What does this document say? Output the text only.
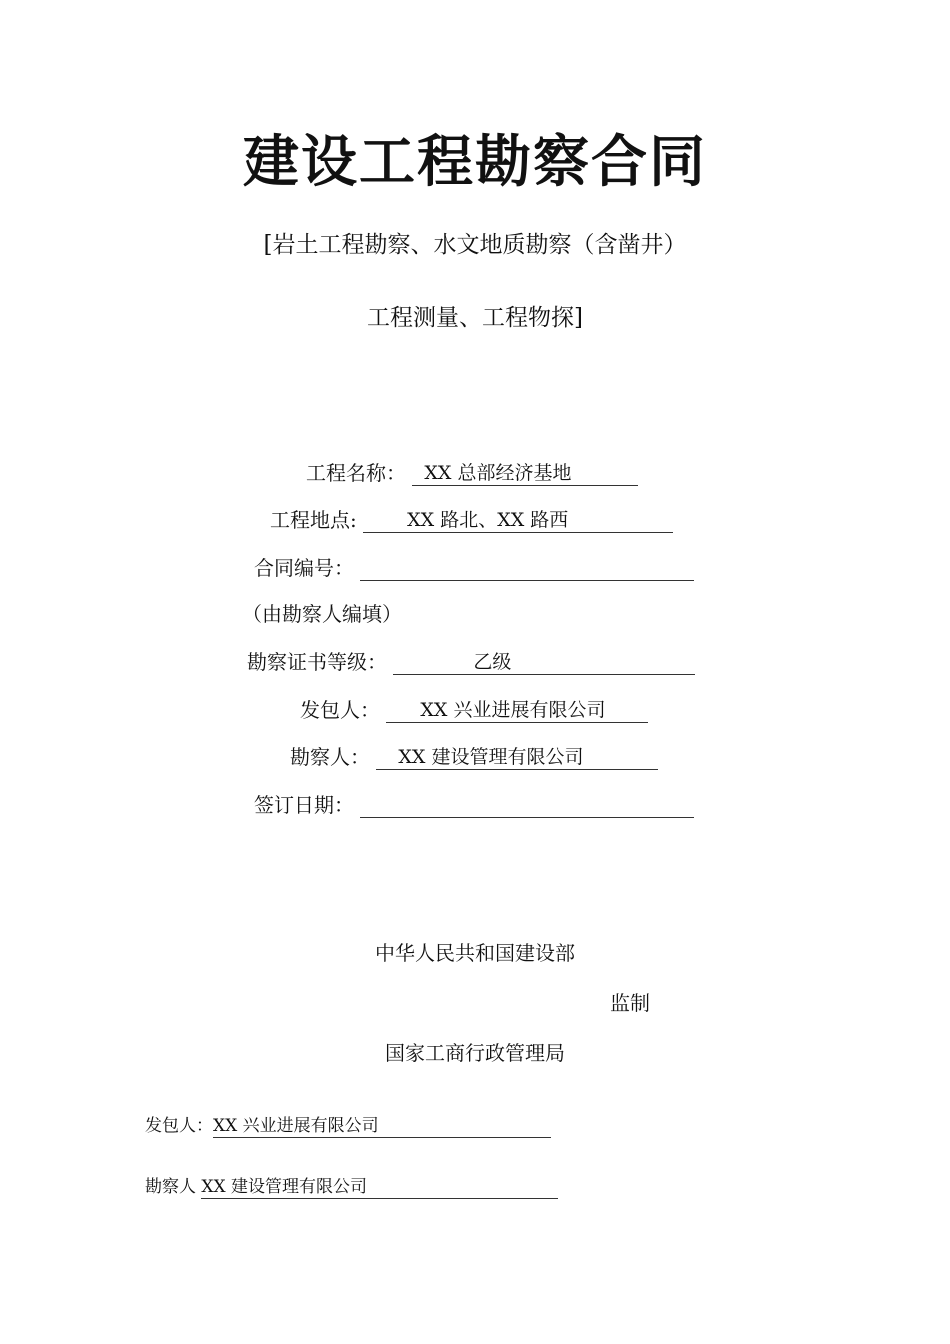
建设工程勘察合同
[岩土工程勘察、水文地质勘察（含凿井）
工程测量、工程物探]
工程名称： XX 总部经济基地
工程地点:	XX 路北、XX 路西
合同编号：
（由勘察人编填）
勘察证书等级：	乙级
发包人： XX 兴业进展有限公司
勘察人： XX 建设管理有限公司
签订日期：
中华人民共和国建设部
监制
国家工商行政管理局
发包人：XX 兴业进展有限公司
勘察人 XX 建设管理有限公司
